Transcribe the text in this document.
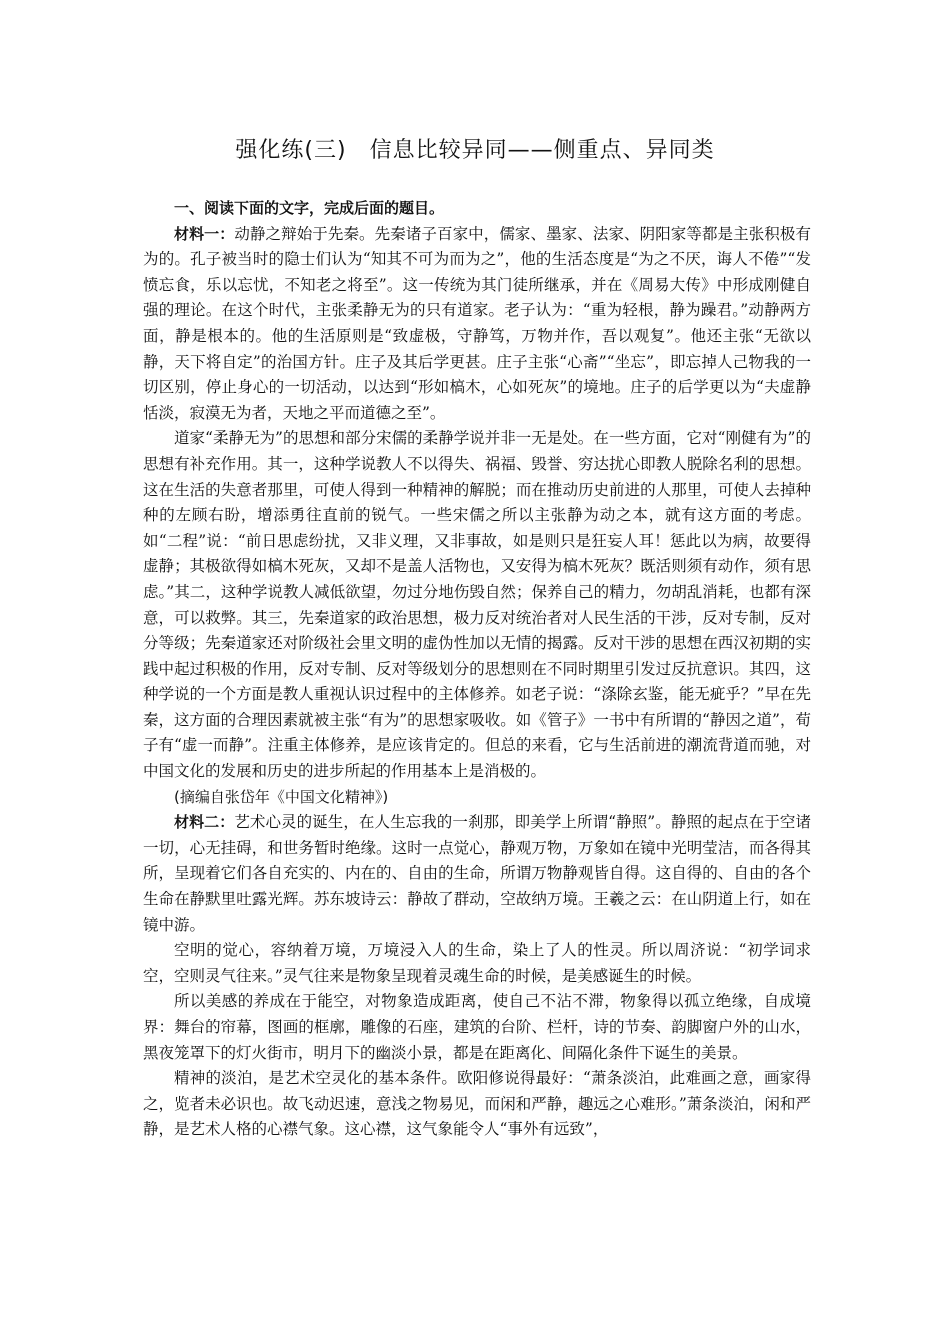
强化练(三)　信息比较异同——侧重点、异同类

一、阅读下面的文字，完成后面的题目。

材料一：动静之辩始于先秦。先秦诸子百家中，儒家、墨家、法家、阴阳家等都是主张积极有为的。孔子被当时的隐士们认为“知其不可为而为之”，他的生活态度是“为之不厌，诲人不倦”“发愤忘食，乐以忘忧，不知老之将至”。这一传统为其门徒所继承，并在《周易大传》中形成刚健自强的理论。在这个时代，主张柔静无为的只有道家。老子认为：“重为轻根，静为躁君。”动静两方面，静是根本的。他的生活原则是“致虚极，守静笃，万物并作，吾以观复”。他还主张“无欲以静，天下将自定”的治国方针。庄子及其后学更甚。庄子主张“心斋”“坐忘”，即忘掉人己物我的一切区别，停止身心的一切活动，以达到“形如槁木，心如死灰”的境地。庄子的后学更以为“夫虚静恬淡，寂漠无为者，天地之平而道德之至”。

道家“柔静无为”的思想和部分宋儒的柔静学说并非一无是处。在一些方面，它对“刚健有为”的思想有补充作用。其一，这种学说教人不以得失、祸福、毁誉、穷达扰心即教人脱除名利的思想。这在生活的失意者那里，可使人得到一种精神的解脱；而在推动历史前进的人那里，可使人去掉种种的左顾右盼，增添勇往直前的锐气。一些宋儒之所以主张静为动之本，就有这方面的考虑。如“二程”说：“前日思虑纷扰，又非义理，又非事故，如是则只是狂妄人耳！惩此以为病，故要得虚静；其极欲得如槁木死灰，又却不是盖人活物也，又安得为槁木死灰？既活则须有动作，须有思虑。”其二，这种学说教人减低欲望，勿过分地伤毁自然；保养自己的精力，勿胡乱消耗，也都有深意，可以救弊。其三，先秦道家的政治思想，极力反对统治者对人民生活的干涉，反对专制，反对分等级；先秦道家还对阶级社会里文明的虚伪性加以无情的揭露。反对干涉的思想在西汉初期的实践中起过积极的作用，反对专制、反对等级划分的思想则在不同时期里引发过反抗意识。其四，这种学说的一个方面是教人重视认识过程中的主体修养。如老子说：“涤除玄鉴，能无疵乎？”早在先秦，这方面的合理因素就被主张“有为”的思想家吸收。如《管子》一书中有所谓的“静因之道”，荀子有“虚一而静”。注重主体修养，是应该肯定的。但总的来看，它与生活前进的潮流背道而驰，对中国文化的发展和历史的进步所起的作用基本上是消极的。

(摘编自张岱年《中国文化精神》)

材料二：艺术心灵的诞生，在人生忘我的一刹那，即美学上所谓“静照”。静照的起点在于空诸一切，心无挂碍，和世务暂时绝缘。这时一点觉心，静观万物，万象如在镜中光明莹洁，而各得其所，呈现着它们各自充实的、内在的、自由的生命，所谓万物静观皆自得。这自得的、自由的各个生命在静默里吐露光辉。苏东坡诗云：静故了群动，空故纳万境。王羲之云：在山阴道上行，如在镜中游。

空明的觉心，容纳着万境，万境浸入人的生命，染上了人的性灵。所以周济说：“初学词求空，空则灵气往来。”灵气往来是物象呈现着灵魂生命的时候，是美感诞生的时候。

所以美感的养成在于能空，对物象造成距离，使自己不沾不滞，物象得以孤立绝缘，自成境界：舞台的帘幕，图画的框廓，雕像的石座，建筑的台阶、栏杆，诗的节奏、韵脚窗户外的山水，黑夜笼罩下的灯火街市，明月下的幽淡小景，都是在距离化、间隔化条件下诞生的美景。

精神的淡泊，是艺术空灵化的基本条件。欧阳修说得最好：“萧条淡泊，此难画之意，画家得之，览者未必识也。故飞动迟速，意浅之物易见，而闲和严静，趣远之心难形。”萧条淡泊，闲和严静，是艺术人格的心襟气象。这心襟，这气象能令人“事外有远致”，
